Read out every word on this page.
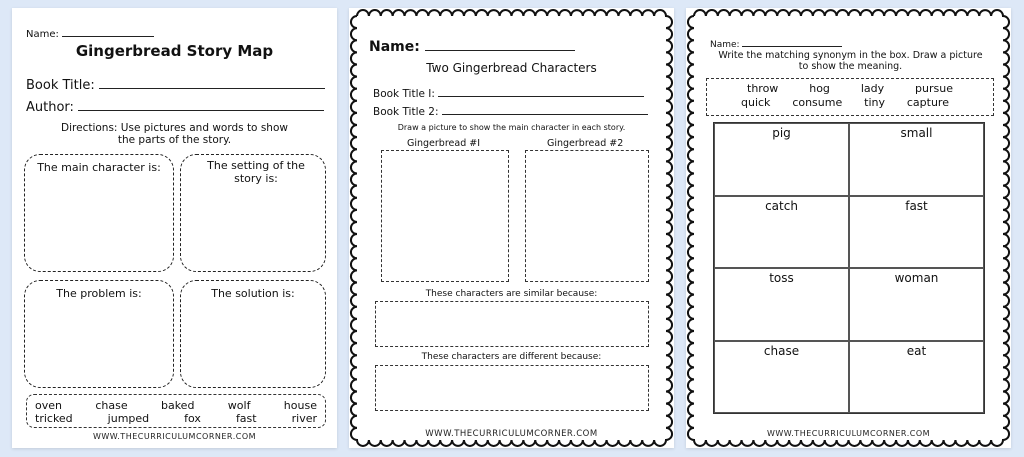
Name:
Gingerbread Story Map
Book Title:
Author:
Directions: Use pictures and words to show the parts of the story.
The main character is:	The setting of the story is:
The problem is:	The solution is:
oven	chase	baked	wolf	house
tricked	jumped	fox	fast	river
WWW.THECURRICULUMCORNER.COM
Name:
Two Gingerbread Characters
Book Title I:
Book Title 2:
Draw a picture to show the main character in each story.
Gingerbread #I	Gingerbread #2
These characters are similar because:
These characters are different because:
WWW.THECURRICULUMCORNER.COM
Name:
Write the matching synonym in the box. Draw a picture to show the meaning.
throw	hog	lady	pursue
quick consume tiny capture
pig	small
catch	fast
toss	woman
chase	eat
WWW.THECURRICULUMCORNER.COM
